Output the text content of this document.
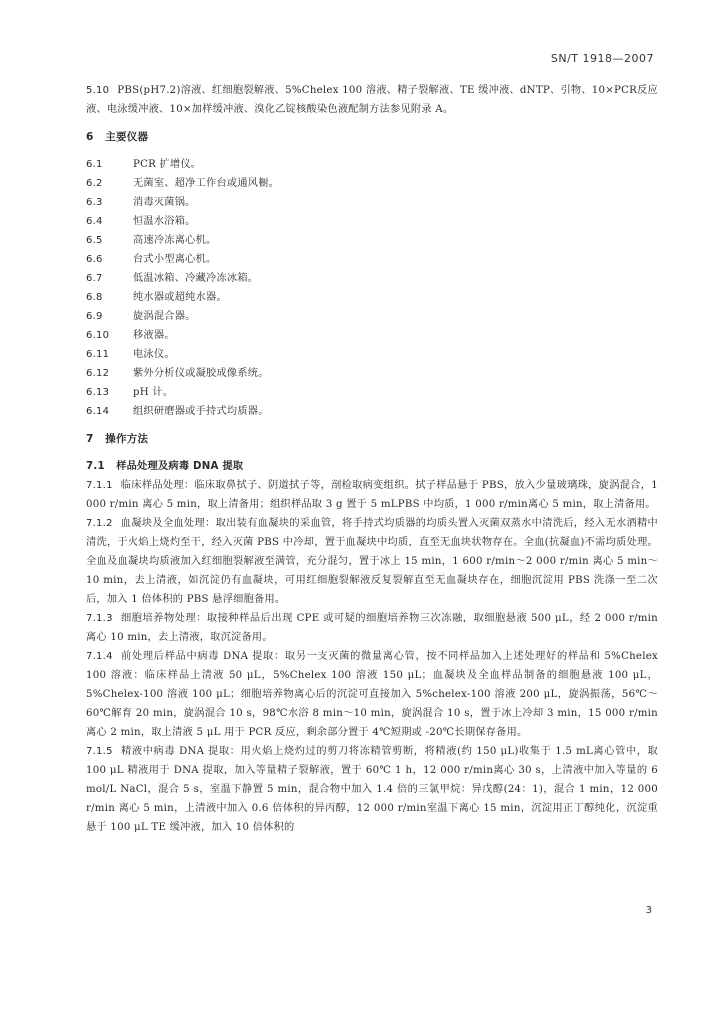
SN/T 1918—2007

5.10 PBS(pH7.2)溶液、红细胞裂解液、5%Chelex 100 溶液、精子裂解液、TE 缓冲液、dNTP、引物、10×PCR反应液、电泳缓冲液、10×加样缓冲液、溴化乙锭核酸染色液配制方法参见附录 A。

6 主要仪器

6.1	PCR 扩增仪。

6.2	无菌室、超净工作台或通风橱。

6.3	消毒灭菌锅。

6.4	恒温水浴箱。

6.5	高速冷冻离心机。

6.6	台式小型离心机。

6.7	低温冰箱、冷藏冷冻冰箱。

6.8	纯水器或超纯水器。

6.9	旋涡混合器。

6.10 移液器。

6.11 电泳仪。

6.12 紫外分析仪或凝胶成像系统。

6.13 pH 计。

6.14 组织研磨器或手持式均质器。

7 操作方法
7.1 样品处理及病毒 DNA 提取

7.1.1 临床样品处理：临床取鼻拭子、阴道拭子等，剖检取病变组织。拭子样品悬于 PBS，放入少量玻璃珠，旋涡混合，1 000 r/min 离心 5 min，取上清备用；组织样品取 3 g 置于 5 mLPBS 中均质，1 000 r/min离心 5 min，取上清备用。

7.1.2 血凝块及全血处理：取出装有血凝块的采血管，将手持式均质器的均质头置入灭菌双蒸水中清洗后，经入无水酒精中清洗，于火焰上烧灼至干，经入灭菌 PBS 中冷却，置于血凝块中均质，直至无血块状物存在。全血(抗凝血)不需均质处理。全血及血凝块均质液加入红细胞裂解液至满管，充分混匀，置于冰上 15 min，1 600 r/min～2 000 r/min 离心 5 min～10 min，去上清液，如沉淀仍有血凝块，可用红细胞裂解液反复裂解直至无血凝块存在，细胞沉淀用 PBS 洗涤一至二次后，加入 1 倍体积的 PBS 悬浮细胞备用。

7.1.3 细胞培养物处理：取接种样品后出现 CPE 或可疑的细胞培养物三次冻融，取细胞悬液 500 μL，经 2 000 r/min 离心 10 min，去上清液，取沉淀备用。

7.1.4 前处理后样品中病毒 DNA 提取：取另一支灭菌的微量离心管，按不同样品加入上述处理好的样品和 5%Chelex 100 溶液：临床样品上清液 50 μL，5%Chelex 100 溶液 150 μL；血凝块及全血样品制备的细胞悬液 100 μL，5%Chelex-100 溶液 100 μL；细胞培养物离心后的沉淀可直接加入 5%chelex-100 溶液 200 μL，旋涡振荡，56℃～60℃解育 20 min，旋涡混合 10 s，98℃水浴 8 min～10 min，旋涡混合 10 s，置于冰上冷却 3 min，15 000 r/min 离心 2 min，取上清液 5 μL 用于 PCR 反应，剩余部分置于 4℃短期或 -20℃长期保存备用。

7.1.5 精液中病毒 DNA 提取：用火焰上烧灼过的剪刀将冻精管剪断，将精液(约 150 μL)收集于 1.5 mL离心管中，取 100 μL 精液用于 DNA 提取，加入等量精子裂解液，置于 60℃ 1 h，12 000 r/min离心 30 s，上清液中加入等量的 6 mol/L NaCl，混合 5 s，室温下静置 5 min，混合物中加入 1.4 倍的三氯甲烷：异戊醇(24：1)，混合 1 min，12 000 r/min 离心 5 min，上清液中加入 0.6 倍体积的异丙醇，12 000 r/min室温下离心 15 min，沉淀用正丁醇纯化，沉淀重悬于 100 μL TE 缓冲液，加入 10 倍体积的

3
